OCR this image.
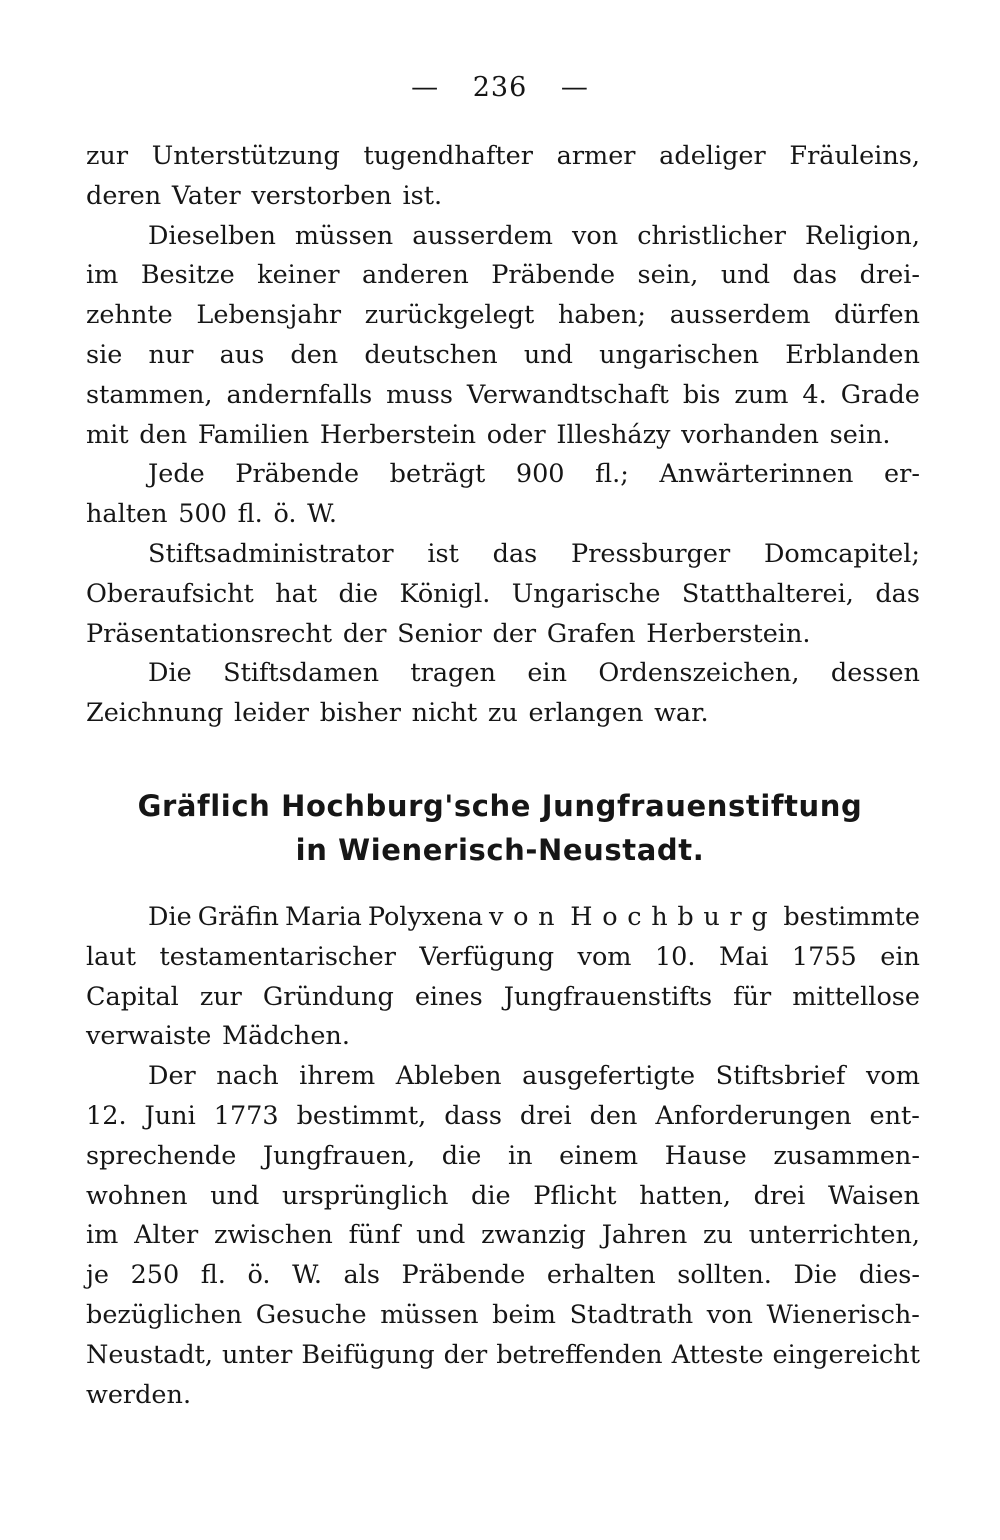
— 236 —
zur Unterstützung tugendhafter armer adeliger Fräuleins,
deren Vater verstorben ist.
Dieselben müssen ausserdem von christlicher Religion,
im Besitze keiner anderen Präbende sein, und das drei-
zehnte Lebensjahr zurückgelegt haben; ausserdem dürfen
sie nur aus den deutschen und ungarischen Erblanden
stammen, andernfalls muss Verwandtschaft bis zum 4. Grade
mit den Familien Herberstein oder Illesházy vorhanden sein.
Jede Präbende beträgt 900 fl.; Anwärterinnen er-
halten 500 fl. ö. W.
Stiftsadministrator ist das Pressburger Domcapitel;
Oberaufsicht hat die Königl. Ungarische Statthalterei, das
Präsentationsrecht der Senior der Grafen Herberstein.
Die Stiftsdamen tragen ein Ordenszeichen, dessen
Zeichnung leider bisher nicht zu erlangen war.
Gräflich Hochburg'sche Jungfrauenstiftung
in Wienerisch-Neustadt.
Die Gräfin Maria Polyxena von Hochburg bestimmte
laut testamentarischer Verfügung vom 10. Mai 1755 ein
Capital zur Gründung eines Jungfrauenstifts für mittellose
verwaiste Mädchen.
Der nach ihrem Ableben ausgefertigte Stiftsbrief vom
12. Juni 1773 bestimmt, dass drei den Anforderungen ent-
sprechende Jungfrauen, die in einem Hause zusammen-
wohnen und ursprünglich die Pflicht hatten, drei Waisen
im Alter zwischen fünf und zwanzig Jahren zu unterrichten,
je 250 fl. ö. W. als Präbende erhalten sollten. Die dies-
bezüglichen Gesuche müssen beim Stadtrath von Wienerisch-
Neustadt, unter Beifügung der betreffenden Atteste eingereicht
werden.
